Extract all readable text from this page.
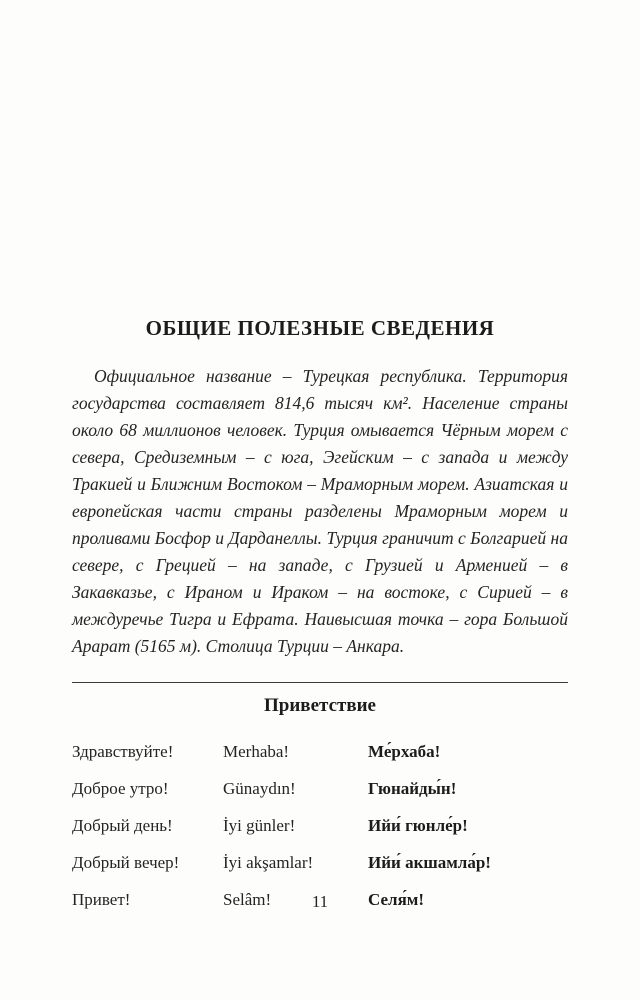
ОБЩИЕ ПОЛЕЗНЫЕ СВЕДЕНИЯ

Официальное название – Турецкая республика. Территория государства составляет 814,6 тысяч км². Население страны около 68 миллионов человек. Турция омывается Чёрным морем с севера, Средиземным – с юга, Эгейским – с запада и между Тракией и Ближним Востоком – Мраморным морем. Азиатская и европейская части страны разделены Мраморным морем и проливами Босфор и Дарданеллы. Турция граничит с Болгарией на севере, с Грецией – на западе, с Грузией и Арменией – в Закавказье, с Ираном и Ираком – на востоке, с Сирией – в междуречье Тигра и Ефрата. Наивысшая точка – гора Большой Арарат (5165 м). Столица Турции – Анкара.

Приветствие
Здравствуйте!	Merhaba!	Ме́рхаба!
Доброе утро!	Günaydın!	Гюнайды́н!
Добрый день!	İyi günler!	Ийи́ гюнле́р!
Добрый вечер!	İyi akşamlar!	Ийи́ акшамла́р!
Привет!	Selâm!	Селя́м!
11
